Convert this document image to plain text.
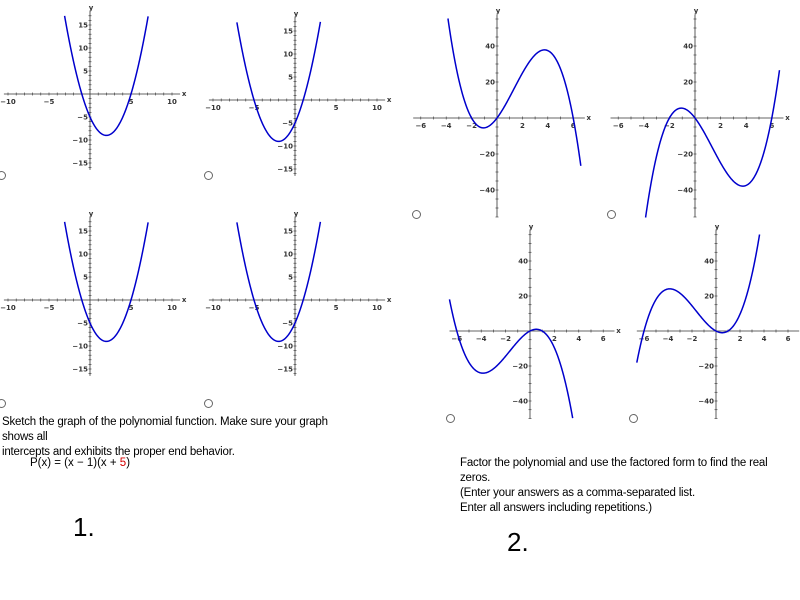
−10	−5	5	10
15
10
5
−5
−10
−15
x
y
−10	−5	5	10
15
10
5
−5
−10
−15
x
y
−10	−5	5	10
15
10
5
−5
−10
−15
x
y
−10	−5	5	10
15
10
5
−5
−10
−15
x
y
−6 −4 −2	2	4	6
40
20
−20
−40
x
y
−6 −4 −2	2	4	6
40
20
−20
−40
x
y
−6 −4 −2	2	4	6
40
20
−20
−40
x
y
−6 −4 −2	2	4	6
40
20
−20
−40
y
Sketch the graph of the polynomial function. Make sure your graph shows all
intercepts and exhibits the proper end behavior.
P(x) = (x − 1)(x + 5)
1.
Factor the polynomial and use the factored form to find the real zeros.
(Enter your answers as a comma-separated list.
Enter all answers including repetitions.)
2.
